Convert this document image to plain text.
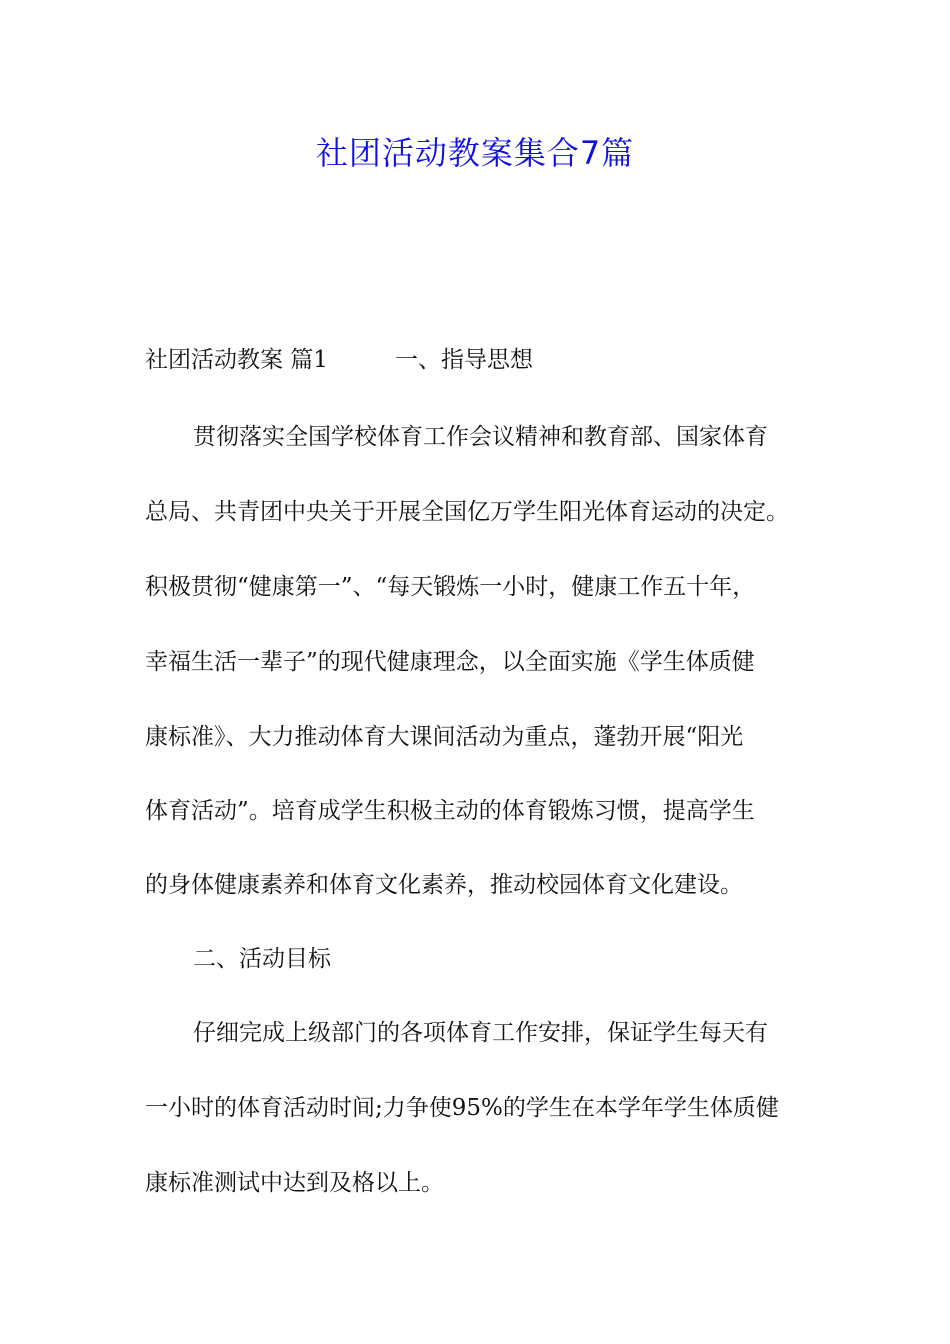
社团活动教案集合7篇

社团活动教案 篇1	一、指导思想

贯彻落实全国学校体育工作会议精神和教育部、国家体育

总局、共青团中央关于开展全国亿万学生阳光体育运动的决定。

积极贯彻“健康第一”、“每天锻炼一小时，健康工作五十年，

幸福生活一辈子”的现代健康理念，以全面实施《学生体质健

康标准》、大力推动体育大课间活动为重点，蓬勃开展“阳光

体育活动”。培育成学生积极主动的体育锻炼习惯，提高学生

的身体健康素养和体育文化素养，推动校园体育文化建设。

二、活动目标

仔细完成上级部门的各项体育工作安排，保证学生每天有

一小时的体育活动时间;力争使95%的学生在本学年学生体质健

康标准测试中达到及格以上。
